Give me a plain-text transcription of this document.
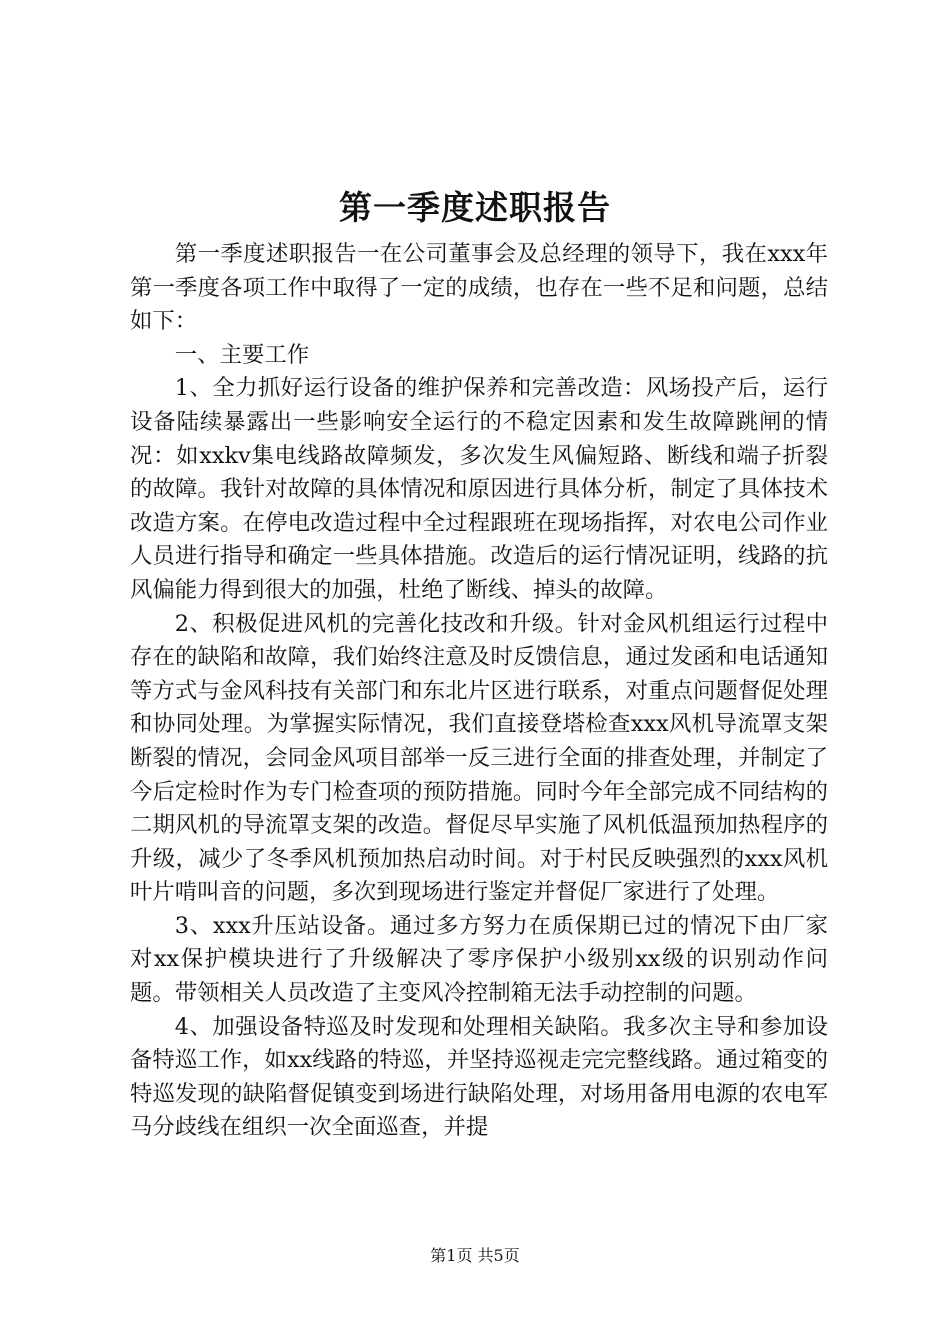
第一季度述职报告

第一季度述职报告一在公司董事会及总经理的领导下，我在xxx年第一季度各项工作中取得了一定的成绩，也存在一些不足和问题，总结如下：

一、主要工作

1、全力抓好运行设备的维护保养和完善改造：风场投产后，运行设备陆续暴露出一些影响安全运行的不稳定因素和发生故障跳闸的情况：如xxkv集电线路故障频发，多次发生风偏短路、断线和端子折裂的故障。我针对故障的具体情况和原因进行具体分析，制定了具体技术改造方案。在停电改造过程中全过程跟班在现场指挥，对农电公司作业人员进行指导和确定一些具体措施。改造后的运行情况证明，线路的抗风偏能力得到很大的加强，杜绝了断线、掉头的故障。

2、积极促进风机的完善化技改和升级。针对金风机组运行过程中存在的缺陷和故障，我们始终注意及时反馈信息，通过发函和电话通知等方式与金风科技有关部门和东北片区进行联系，对重点问题督促处理和协同处理。为掌握实际情况，我们直接登塔检查xxx风机导流罩支架断裂的情况，会同金风项目部举一反三进行全面的排查处理，并制定了今后定检时作为专门检查项的预防措施。同时今年全部完成不同结构的二期风机的导流罩支架的改造。督促尽早实施了风机低温预加热程序的升级，减少了冬季风机预加热启动时间。对于村民反映强烈的xxx风机叶片啃叫音的问题，多次到现场进行鉴定并督促厂家进行了处理。

3、xxx升压站设备。通过多方努力在质保期已过的情况下由厂家对xx保护模块进行了升级解决了零序保护小级别xx级的识别动作问题。带领相关人员改造了主变风冷控制箱无法手动控制的问题。

4、加强设备特巡及时发现和处理相关缺陷。我多次主导和参加设备特巡工作，如xx线路的特巡，并坚持巡视走完完整线路。通过箱变的特巡发现的缺陷督促镇变到场进行缺陷处理，对场用备用电源的农电军马分歧线在组织一次全面巡查，并提

第1页 共5页
